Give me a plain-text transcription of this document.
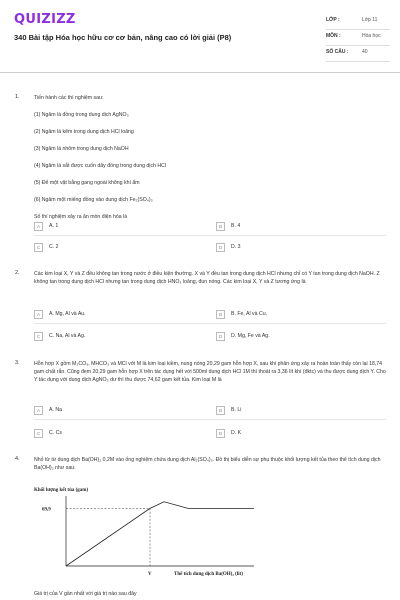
QUIZIZZ
340 Bài tập Hóa học hữu cơ cơ bản, nâng cao có lời giải (P8)
LỚP :	Lớp 11
MÔN :	Hóa học
SỐ CÂU :	40
1.	Tiến hành các thí nghiệm sau:
(1) Ngâm lá đồng trong dung dịch AgNO₃
(2) Ngâm lá kẽm trong dung dịch HCl loãng
(3) Ngâm lá nhôm trong dung dịch NaOH
(4) Ngâm lá sắt được cuốn dây đồng trong dung dịch HCl
(5) Để một vật bằng gang ngoài không khí ẩm
(6) Ngâm một miếng đồng vào dung dịch Fe₂(SO₄)₃
Số thí nghiệm xảy ra ăn mòn điện hóa là
A	A. 1	B	B. 4
C	C. 2	D	D. 3
2.	Các kim loại X, Y và Z đều không tan trong nước ở điều kiện thường. X và Y đều tan trong dung dịch HCl nhưng chỉ có Y tan trong dung dịch NaOH. Z không tan trong dung dịch HCl nhưng tan trong dung dịch HNO₃ loãng, đun nóng. Các kim loại X, Y và Z tương ứng là
A	A. Mg, Al và Au.	B	B. Fe, Al và Cu.
C	C. Na, Al và Ag.	D	D. Mg, Fe và Ag.
3.	Hỗn hợp X gồm M₂CO₃, MHCO₃ và MCl với M là kim loại kiềm, nung nóng 20,29 gam hỗn hợp X, sau khi phản ứng xảy ra hoàn toàn thấy còn lại 18,74 gam chất rắn. Cũng đem 20,29 gam hỗn hợp X trên tác dụng hết với 500ml dung dịch HCl 1M thì thoát ra 3,36 lít khí (đktc) và thu được dung dịch Y. Cho Y tác dụng với dung dịch AgNO₃ dư thì thu được 74,62 gam kết tủa. Kim loại M là
A	A. Na	B	B. Li
C	C. Cs	D	D. K
4.	Nhỏ từ từ dung dịch Ba(OH)₂ 0,2M vào ống nghiệm chứa dung dịch Al₂(SO₄)₃. Đồ thị biểu diễn sự phụ thuộc khối lượng kết tủa theo thể tích dung dịch Ba(OH)₂ như sau:
Khối lượng kết tủa (gam)
69,9
V	Thể tích dung dịch Ba(OH)₂ (lít)
Giá trị của V gần nhất với giá trị nào sau đây
